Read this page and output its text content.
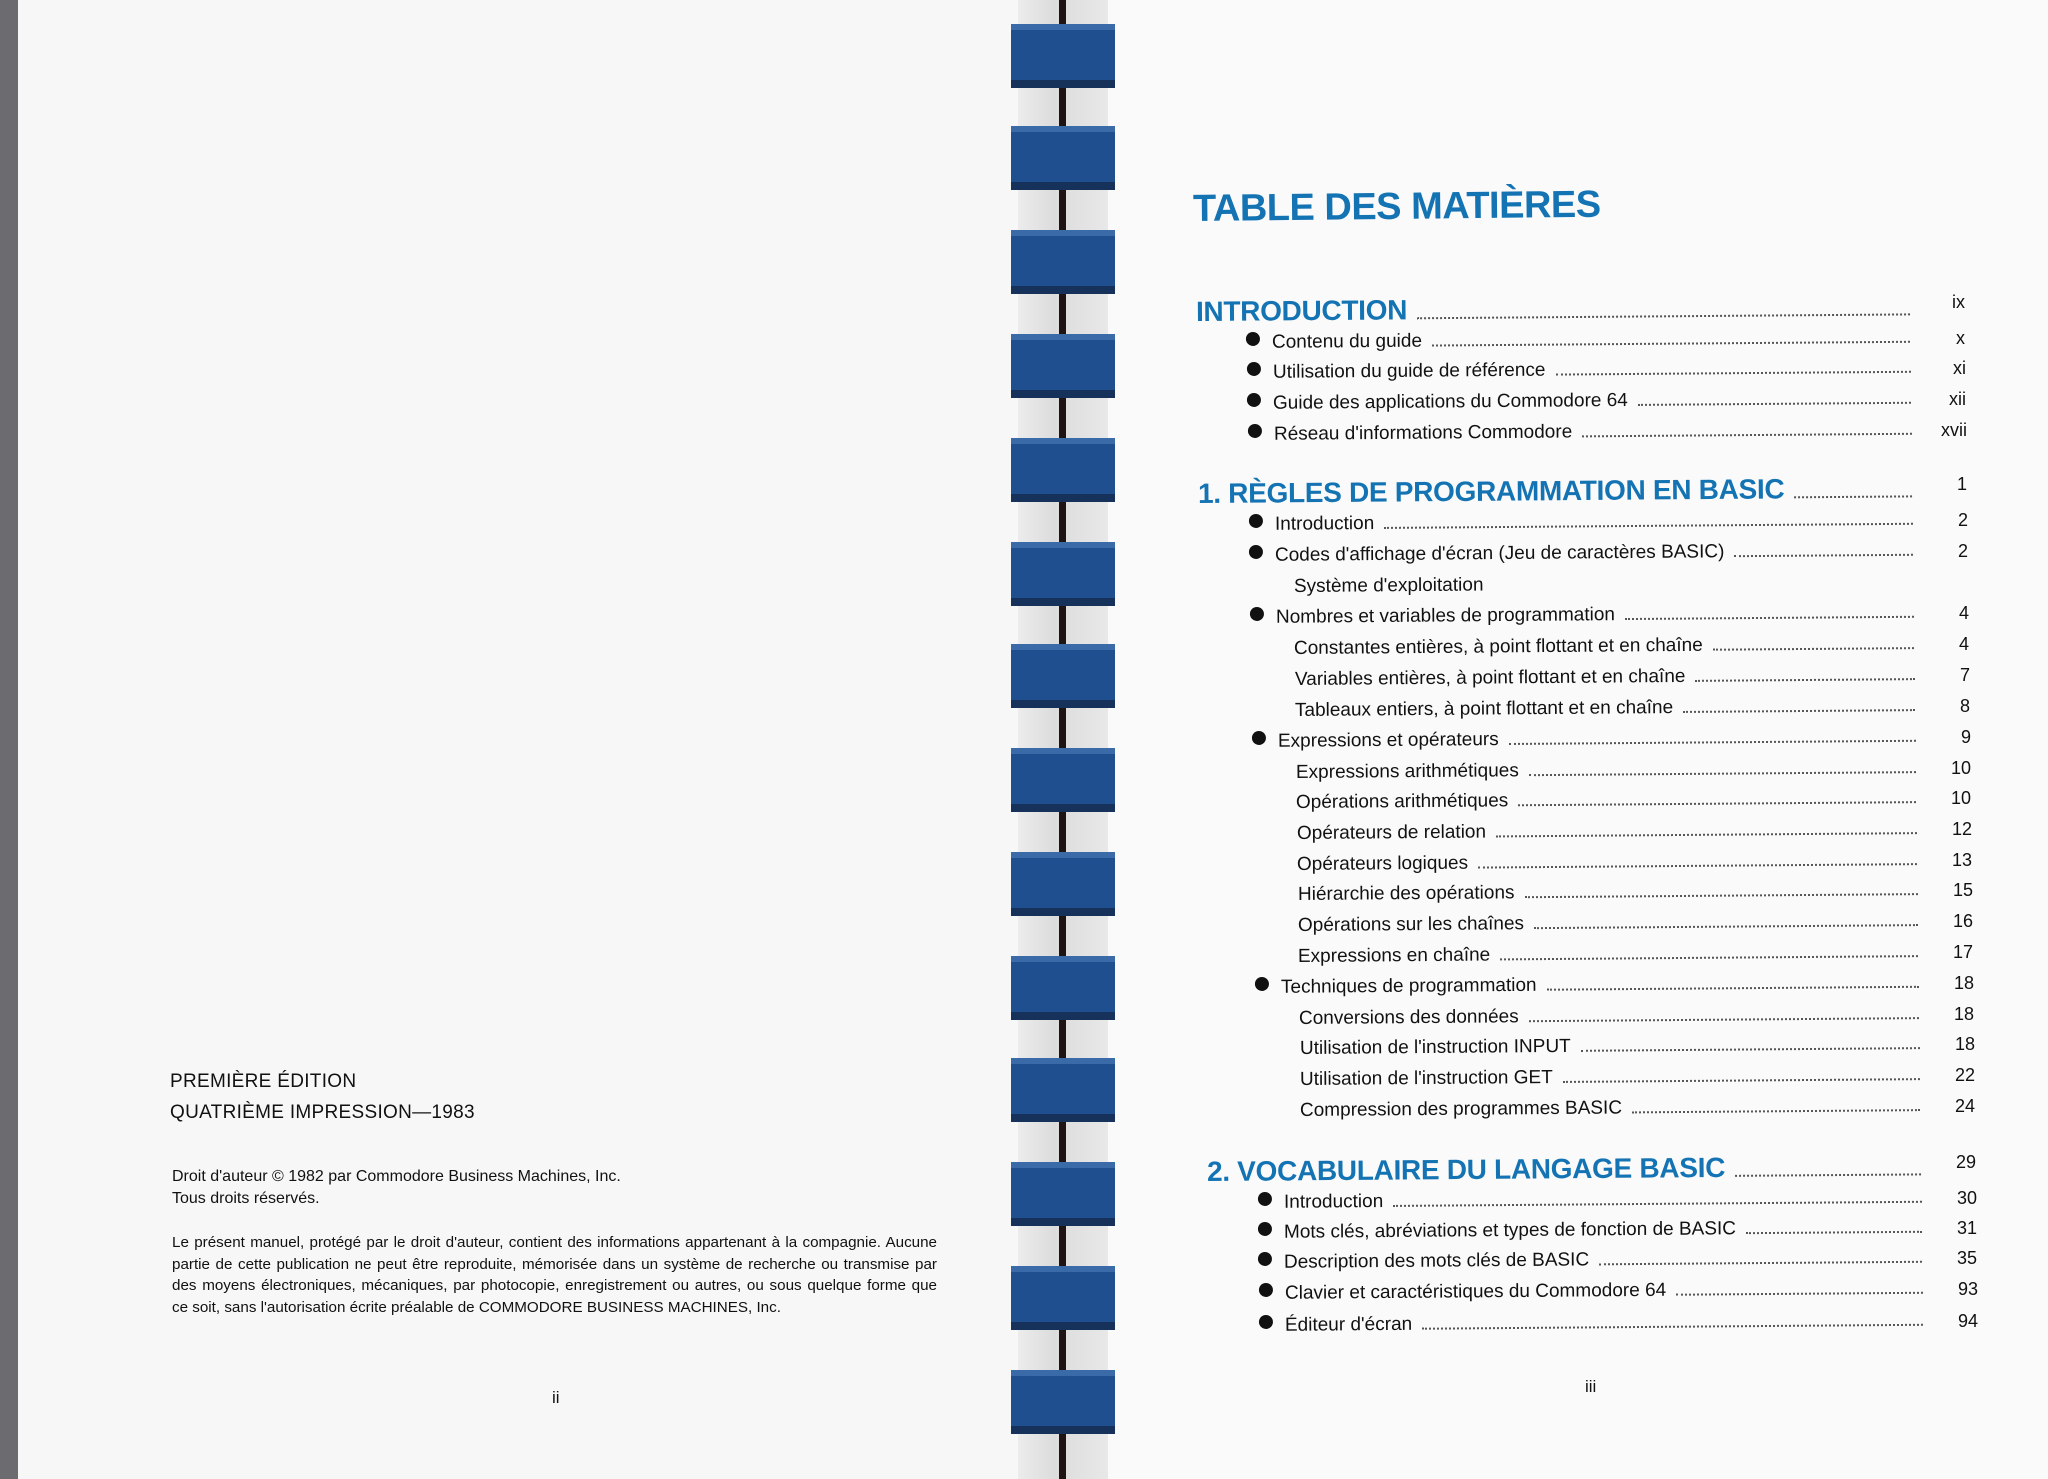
PREMIÈRE ÉDITION
QUATRIÈME IMPRESSION—1983
Droit d'auteur © 1982 par Commodore Business Machines, Inc.
Tous droits réservés.
Le présent manuel, protégé par le droit d'auteur, contient des informations appartenant à la compagnie. Aucune partie de cette publication ne peut être reproduite, mémorisée dans un système de recherche ou transmise par des moyens électroniques, mécaniques, par photocopie, enregistrement ou autres, ou sous quelque forme que ce soit, sans l'autorisation écrite préalable de COMMODORE BUSINESS MACHINES, Inc.
ii
TABLE DES MATIÈRES
INTRODUCTION	ix
Contenu du guide	x
Utilisation du guide de référence	xi
Guide des applications du Commodore 64	xii
Réseau d'informations Commodore	xvii
1. RÈGLES DE PROGRAMMATION EN BASIC	1
Introduction	2
Codes d'affichage d'écran (Jeu de caractères BASIC)	2
Système d'exploitation
Nombres et variables de programmation	4
Constantes entières, à point flottant et en chaîne	4
Variables entières, à point flottant et en chaîne	7
Tableaux entiers, à point flottant et en chaîne	8
Expressions et opérateurs	9
Expressions arithmétiques	10
Opérations arithmétiques	10
Opérateurs de relation	12
Opérateurs logiques	13
Hiérarchie des opérations	15
Opérations sur les chaînes	16
Expressions en chaîne	17
Techniques de programmation	18
Conversions des données	18
Utilisation de l'instruction INPUT	18
Utilisation de l'instruction GET	22
Compression des programmes BASIC	24
2. VOCABULAIRE DU LANGAGE BASIC	29
Introduction	30
Mots clés, abréviations et types de fonction de BASIC	31
Description des mots clés de BASIC	35
Clavier et caractéristiques du Commodore 64	93
Éditeur d'écran	94
iii
